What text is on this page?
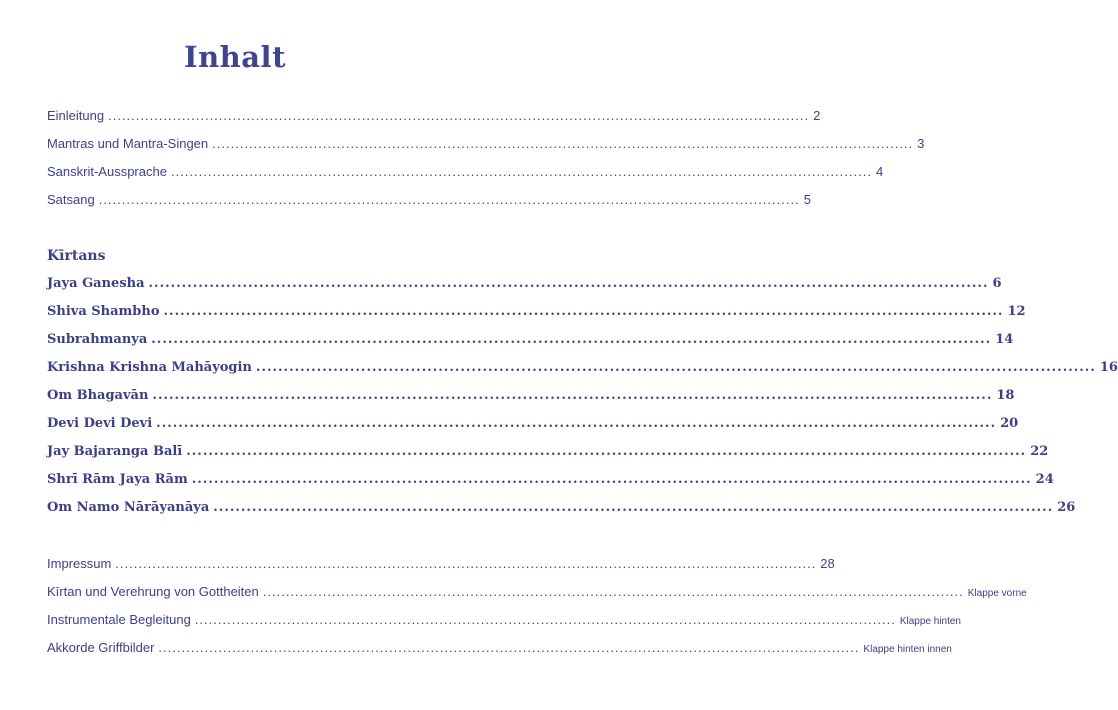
Inhalt
Einleitung ........................................................................................................................................................ 2
Mantras und Mantra-Singen ........................................................................................................................................................ 3
Sanskrit-Aussprache ........................................................................................................................................................ 4
Satsang ........................................................................................................................................................ 5
Kīrtans
Jaya Ganesha ........................................................................................................................................................ 6
Shiva Shambho ........................................................................................................................................................ 12
Subrahmanya ........................................................................................................................................................ 14
Krishna Krishna Mahāyogin ........................................................................................................................................................ 16
Om Bhagavān ........................................................................................................................................................ 18
Devi Devi Devi ........................................................................................................................................................ 20
Jay Bajaranga Balī ........................................................................................................................................................ 22
Shrī Rām Jaya Rām ........................................................................................................................................................ 24
Om Namo Nārāyanāya ........................................................................................................................................................ 26
Impressum ........................................................................................................................................................ 28
Kīrtan und Verehrung von Gottheiten ........................................................................................................................................................ Klappe vorne
Instrumentale Begleitung ........................................................................................................................................................ Klappe hinten
Akkorde Griffbilder ........................................................................................................................................................ Klappe hinten innen
